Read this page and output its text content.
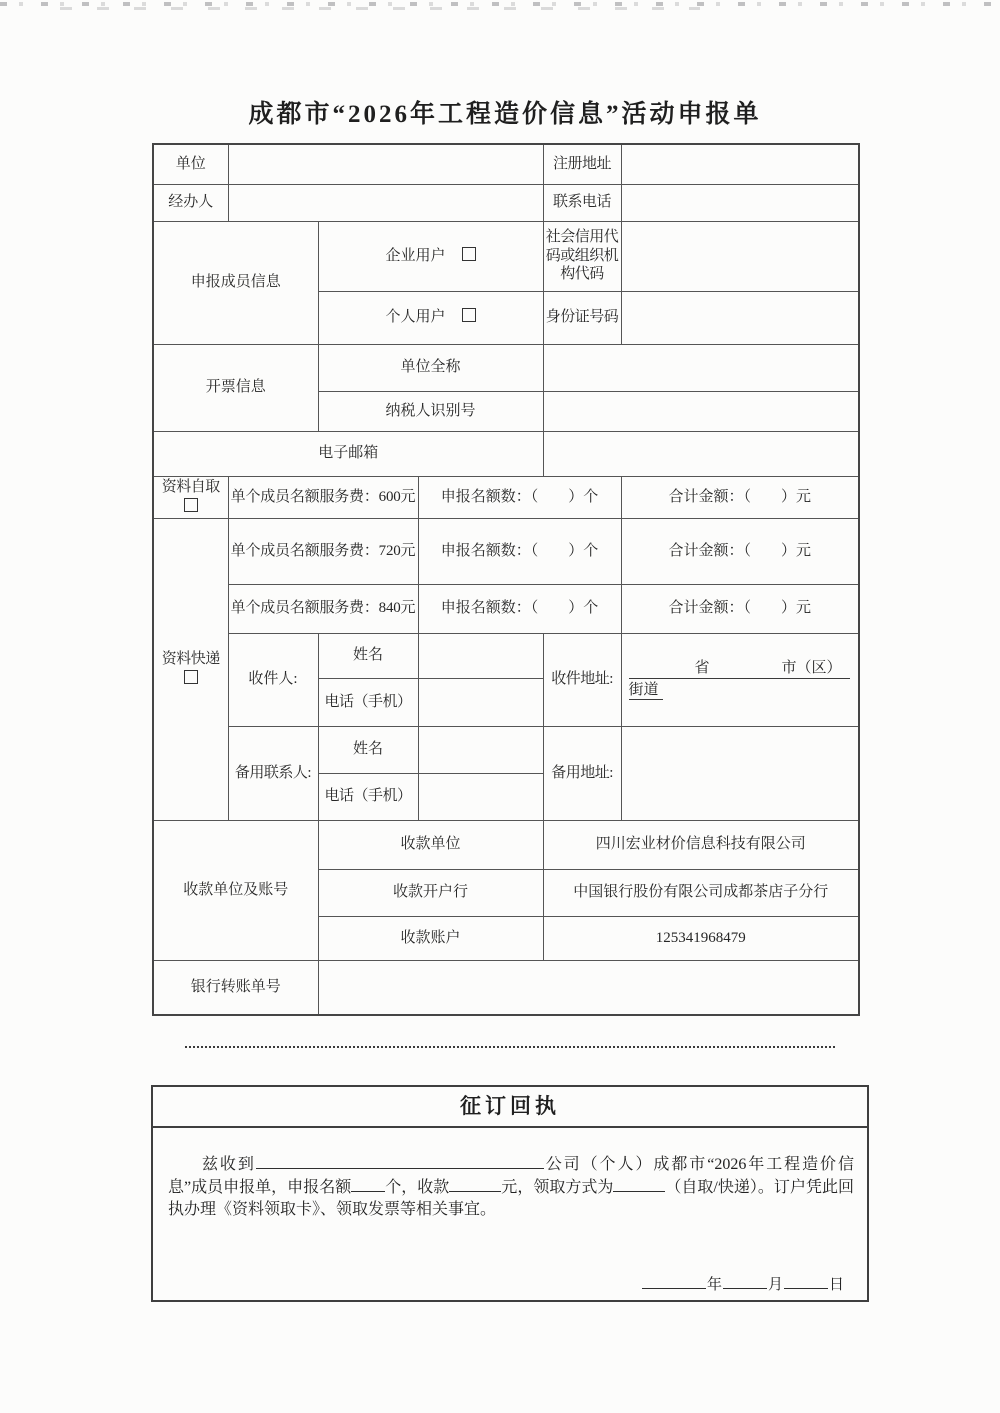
成都市“2026年工程造价信息”活动申报单
单位				注册地址	
经办人				联系电话	
申报成员信息		企业用户		社会信用代码或组织机构代码	
		个人用户		身份证号码	
开票信息		单位全称			
		纳税人识别号			
电子邮箱					
资料自取	单个成员名额服务费：600元		申报名额数：（　　）个		合计金额：（　　）元
资料快递	单个成员名额服务费：720元		申报名额数：（　　）个		合计金额：（　　）元
	单个成员名额服务费：840元		申报名额数：（　　）个		合计金额：（　　）元
	收件人:	姓名		收件地址:	省 市（区）
街道

		电话（手机）			
	备用联系人:	姓名		备用地址:	
		电话（手机）			
收款单位及账号		收款单位		四川宏业材价信息科技有限公司	
		收款开户行		中国银行股份有限公司成都茶店子分行	
		收款账户		125341968479	
银行转账单号					
征订回执

兹收到	公司（个人）成都市“2026年工程造价信息”成员申报单，申报名额 个，收款	元，领取方式为	（自取/快递）。订户凭此回执办理《资料领取卡》、领取发票等相关事宜。

年	月	日
